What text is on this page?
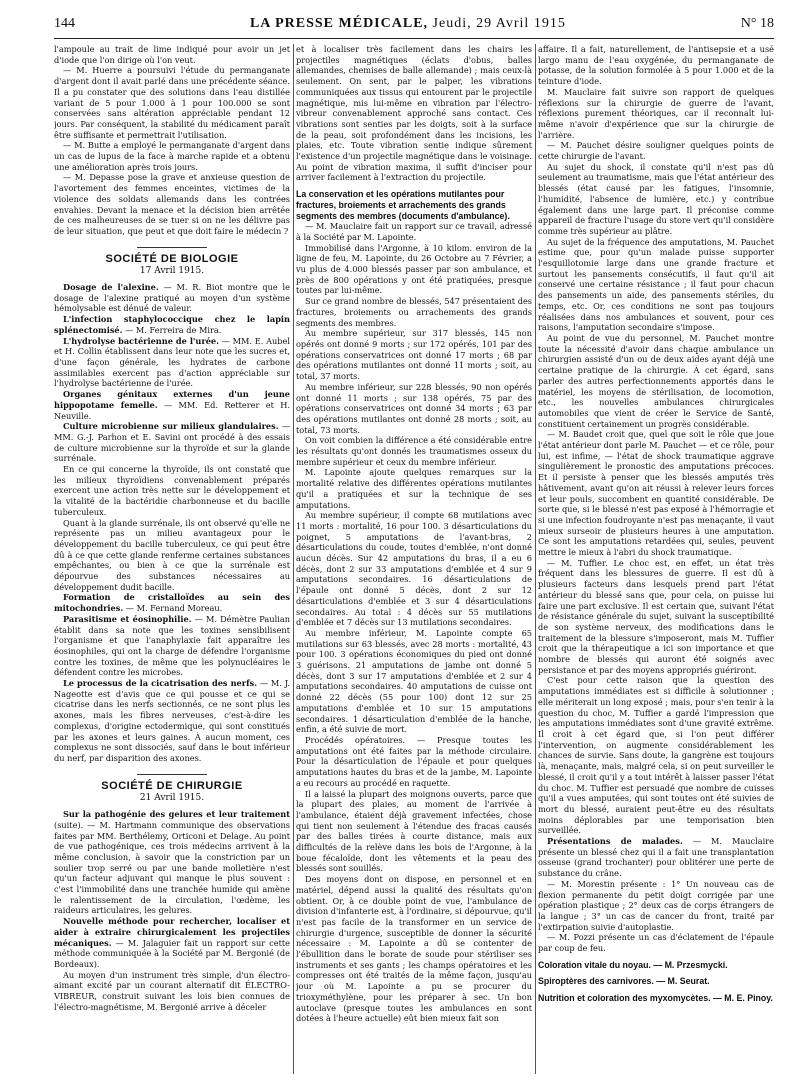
144	LA PRESSE MÉDICALE, Jeudi, 29 Avril 1915	N° 18

l'ampoule au trait de lime indiqué pour avoir un jet d'iode que l'on dirige où l'on veut.

— M. Huerre a poursuivi l'étude du permanganate d'argent dont il avait parlé dans une précédente séance. Il a pu constater que des solutions dans l'eau distillée variant de 5 pour 1.000 à 1 pour 100.000 se sont conservées sans altération appréciable pendant 12 jours. Par conséquent, la stabilité du médicament paraît être suffisante et permettrait l'utilisation.

— M. Butte a employé le permanganate d'argent dans un cas de lupus de la face à marche rapide et a obtenu une amélioration après trois jours.

— M. Depasse pose la grave et anxieuse question de l'avortement des femmes enceintes, victimes de la violence des soldats allemands dans les contrées envahies. Devant la menace et la décision bien arrêtée de ces malheureuses de se tuer si on ne les délivre pas de leur situation, que peut et que doit faire le médecin ?

SOCIÉTÉ DE BIOLOGIE
17 Avril 1915.

Dosage de l'alexine. — M. R. Biot montre que le dosage de l'alexine pratiqué au moyen d'un système hémolysable est dénué de valeur.

L'infection staphylococcique chez le lapin splénectomisé. — M. Ferreira de Mira.

L'hydrolyse bactérienne de l'urée. — MM. E. Aubel et H. Collin établissent dans leur note que les sucres et, d'une façon générale, les hydrates de carbone assimilables exercent pas d'action appréciable sur l'hydrolyse bactérienne de l'urée.

Organes génitaux externes d'un jeune hippopotame femelle. — MM. Ed. Retterer et H. Neuville.

Culture microbienne sur milieux glandulaires. — MM. G.-J. Parhon et E. Savini ont procédé à des essais de culture microbienne sur la thyroïde et sur la glande surrénale.

En ce qui concerne la thyroïde, ils ont constaté que les milieux thyroïdiens convenablement préparés exercent une action très nette sur le développement et la vitalité de la bactéridie charbonneuse et du bacille tuberculeux.

Quant à la glande surrénale, ils ont observé qu'elle ne représente pas un milieu avantageux pour le développement du bacille tuberculeux, ce qui peut être dû à ce que cette glande renferme certaines substances empêchantes, ou bien à ce que la surrénale est dépourvue des substances nécessaires au développement dudit bacille.

Formation de cristalloïdes au sein des mitochondries. — M. Fernand Moreau.

Parasitisme et éosinophilie. — M. Démètre Paulian établit dans sa note que les toxines sensibilisent l'organisme et que l'anaphylaxie fait apparaître les éosinophiles, qui ont la charge de défendre l'organisme contre les toxines, de même que les polynucléaires le défendent contre les microbes.

Le processus de la cicatrisation des nerfs. — M. J. Nageotte est d'avis que ce qui pousse et ce qui se cicatrise dans les nerfs sectionnés, ce ne sont plus les axones, mais les fibres nerveuses, c'est-à-dire les complexus, d'origine ectodermique, qui sont constitués par les axones et leurs gaines. À aucun moment, ces complexus ne sont dissociés, sauf dans le bout inférieur du nerf, par disparition des axones.

SOCIÉTÉ DE CHIRURGIE
21 Avril 1915.

Sur la pathogénie des gelures et leur traitement (suite). — M. Hartmann communique des observations faites par MM. Berthélemy, Orticoni et Delage. Au point de vue pathogénique, ces trois médecins arrivent à la même conclusion, à savoir que la constriction par un soulier trop serré ou par une bande molletière n'est qu'un facteur adjuvant qui manque le plus souvent : c'est l'immobilité dans une tranchée humide qui amène le ralentissement de la circulation, l'œdème, les raideurs articulaires, les gelures.

Nouvelle méthode pour rechercher, localiser et aider à extraire chirurgicalement les projectiles mécaniques. — M. Jalaguier fait un rapport sur cette méthode communiquée à la Société par M. Bergonié (de Bordeaux).

Au moyen d'un instrument très simple, d'un électro-aimant excité par un courant alternatif dit ÉLECTRO-VIBREUR, construit suivant les lois bien connues de l'électro-magnétisme, M. Bergonié arrive à déceler

et à localiser très facilement dans les chairs les projectiles magnétiques (éclats d'obus, balles allemandes, chemises de balle allemande) ; mais ceux-là seulement. On sent, par le palper, les vibrations communiquées aux tissus qui entourent par le projectile magnétique, mis lui-même en vibration par l'électro-vibreur convenablement approché sans contact. Ces vibrations sont senties par les doigts, soit à la surface de la peau, soit profondément dans les incisions, les plaies, etc. Toute vibration sentie indique sûrement l'existence d'un projectile magnétique dans le voisinage. Au point de vibration maxima, il suffit d'inciser pour arriver facilement à l'extraction du projectile.

La conservation et les opérations mutilantes pour fractures, broiements et arrachements des grands segments des membres (documents d'ambulance).

— M. Mauclaire fait un rapport sur ce travail, adressé à la Société par M. Lapointe.

Immobilisé dans l'Argonne, à 10 kilom. environ de la ligne de feu, M. Lapointe, du 26 Octobre au 7 Février, a vu plus de 4.000 blessés passer par son ambulance, et près de 800 opérations y ont été pratiquées, presque toutes par lui-même.

Sur ce grand nombre de blessés, 547 présentaient des fractures, broiements ou arrachements des grands segments des membres.

Au membre supérieur, sur 317 blessés, 145 non opérés ont donné 9 morts ; sur 172 opérés, 101 par des opérations conservatrices ont donné 17 morts ; 68 par des opérations mutilantes ont donné 11 morts ; soit, au total, 37 morts.

Au membre inférieur, sur 228 blessés, 90 non opérés ont donné 11 morts ; sur 138 opérés, 75 par des opérations conservatrices ont donné 34 morts ; 63 par des opérations mutilantes ont donné 28 morts ; soit, au total, 73 morts.

On voit combien la différence a été considérable entre les résultats qu'ont donnés les traumatismes osseux du membre supérieur et ceux du membre inférieur.

M. Lapointe ajoute quelques remarques sur la mortalité relative des différentes opérations mutilantes qu'il a pratiquées et sur la technique de ses amputations.

Au membre supérieur, il compte 68 mutilations avec 11 morts : mortalité, 16 pour 100. 3 désarticulations du poignet, 5 amputations de l'avant-bras, 2 désarticulations du coude, toutes d'emblée, n'ont donné aucun décès. Sur 42 amputations du bras, il a eu 6 décès, dont 2 sur 33 amputations d'emblée et 4 sur 9 amputations secondaires. 16 désarticulations de l'épaule ont donné 5 décès, dont 2 sur 12 désarticulations d'emblée et 3 sur 4 désarticulations secondaires. Au total : 4 décès sur 55 mutilations d'emblée et 7 décès sur 13 mutilations secondaires.

Au membre inférieur, M. Lapointe compte 65 mutilations sur 63 blessés, avec 28 morts : mortalité, 43 pour 100. 3 opérations économiques du pied ont donné 3 guérisons. 21 amputations de jambe ont donné 5 décès, dont 3 sur 17 amputations d'emblée et 2 sur 4 amputations secondaires. 40 amputations de cuisse ont donné 22 décès (55 pour 100) dont 12 sur 25 amputations d'emblée et 10 sur 15 amputations secondaires. 1 désarticulation d'emblée de la hanche, enfin, a été suivie de mort.

Procédés opératoires. — Presque toutes les amputations ont été faites par la méthode circulaire. Pour la désarticulation de l'épaule et pour quelques amputations hautes du bras et de la jambe, M. Lapointe a eu recours au procédé en raquette.

Il a laissé la plupart des moignons ouverts, parce que la plupart des plaies, au moment de l'arrivée à l'ambulance, étaient déjà gravement infectées, chose qui tient non seulement à l'étendue des fracas causés par des balles tirées à courte distance, mais aux difficultés de la relève dans les bois de l'Argonne, à la boue fécaloïde, dont les vêtements et la peau des blessés sont souillés.

Des moyens dont on dispose, en personnel et en matériel, dépend aussi la qualité des résultats qu'on obtient. Or, à ce double point de vue, l'ambulance de division d'infanterie est, à l'ordinaire, si dépourvue, qu'il n'est pas facile de la transformer en un service de chirurgie d'urgence, susceptible de donner la sécurité nécessaire : M. Lapointe a dû se contenter de l'ébullition dans le borate de soude pour stériliser ses instruments et ses gants ; les champs opératoires et les compresses ont été traités de la même façon, jusqu'au jour où M. Lapointe a pu se procurer du trioxyméthylène, pour les préparer à sec. Un bon autoclave (presque toutes les ambulances en sont dotées à l'heure actuelle) eût bien mieux fait son

affaire. Il a fait, naturellement, de l'antisepsie et a usé largo manu de l'eau oxygénée, du permanganate de potasse, de la solution formolée à 5 pour 1.000 et de la teinture d'iode.

M. Mauclaire fait suivre son rapport de quelques réflexions sur la chirurgie de guerre de l'avant, réflexions purement théoriques, car il reconnaît lui-même n'avoir d'expérience que sur la chirurgie de l'arrière.

— M. Pauchet désire souligner quelques points de cette chirurgie de l'avant.

Au sujet du shock, il constate qu'il n'est pas dû seulement au traumatisme, mais que l'état antérieur des blessés (état causé par les fatigues, l'insomnie, l'humidité, l'absence de lumière, etc.) y contribue également dans une large part. Il préconise comme appareil de fracture l'usage du store vert qu'il considère comme très supérieur au plâtre.

Au sujet de la fréquence des amputations, M. Pauchet estime que, pour qu'un malade puisse supporter l'esquillotomie large dans une grande fracture et surtout les pansements consécutifs, il faut qu'il ait conservé une certaine résistance ; il faut pour chacun des pansements un aide, des pansements stériles, du temps, etc. Or, ces conditions ne sont pas toujours réalisées dans nos ambulances et souvent, pour ces raisons, l'amputation secondaire s'impose.

Au point de vue du personnel, M. Pauchet montre toute la nécessité d'avoir dans chaque ambulance un chirurgien assisté d'un ou de deux aides ayant déjà une certaine pratique de la chirurgie. À cet égard, sans parler des autres perfectionnements apportés dans le matériel, les moyens de stérilisation, de locomotion, etc., les nouvelles ambulances chirurgicales automobiles que vient de créer le Service de Santé, constituent certainement un progrès considérable.

— M. Baudet croit que, quel que soit le rôle que joue l'état antérieur dont parle M. Pauchet — et ce rôle, pour lui, est infime, — l'état de shock traumatique aggrave singulièrement le pronostic des amputations précoces. Et il persiste à penser que les blessés amputés très hâtivement, avant qu'on ait réussi à relever leurs forces et leur pouls, succombent en quantité considérable. De sorte que, si le blessé n'est pas exposé à l'hémorragie et si une infection foudroyante n'est pas menaçante, il vaut mieux surseoir de plusieurs heures à une amputation. Ce sont les amputations retardées qui, seules, peuvent mettre le mieux à l'abri du shock traumatique.

— M. Tuffier. Le choc est, en effet, un état très fréquent dans les blessures de guerre. Il est dû à plusieurs facteurs dans lesquels prend part l'état antérieur du blessé sans que, pour cela, on puisse lui faire une part exclusive. Il est certain que, suivant l'état de résistance générale du sujet, suivant la susceptibilité de son système nerveux, des modifications dans le traitement de la blessure s'imposeront, mais M. Tuffier croit que la thérapeutique a ici son importance et que nombre de blessés qui auront été soignés avec persistance et par des moyens appropriés guériront.

C'est pour cette raison que la question des amputations immédiates est si difficile à solutionner ; elle mériterait un long exposé ; mais, pour s'en tenir à la question du choc, M. Tuffier a gardé l'impression que les amputations immédiates sont d'une gravité extrême. Il croit à cet égard que, si l'on peut différer l'intervention, on augmente considérablement les chances de survie. Sans doute, la gangrène est toujours là, menaçante, mais, malgré cela, si on peut surveiller le blessé, il croit qu'il y a tout intérêt à laisser passer l'état du choc. M. Tuffier est persuadé que nombre de cuisses qu'il a vues amputées, qui sont toutes ont été suivies de mort du blessé, auraient peut-être eu des résultats moins déplorables par une temporisation bien surveillée.

Présentations de malades. — M. Mauclaire présente un blessé chez qui il a fait une transplantation osseuse (grand trochanter) pour oblitérer une perte de substance du crâne.

— M. Morestin présente : 1° Un nouveau cas de flexion permanente du petit doigt corrigée par une opération plastique ; 2° deux cas de corps étrangers de la langue ; 3° un cas de cancer du front, traité par l'extirpation suivie d'autoplastie.

— M. Pozzi présente un cas d'éclatement de l'épaule par coup de feu.

Coloration vitale du noyau. — M. Przesmycki.
Spiroptères des carnivores. — M. Seurat.
Nutrition et coloration des myxomycètes. — M. E. Pinoy.
